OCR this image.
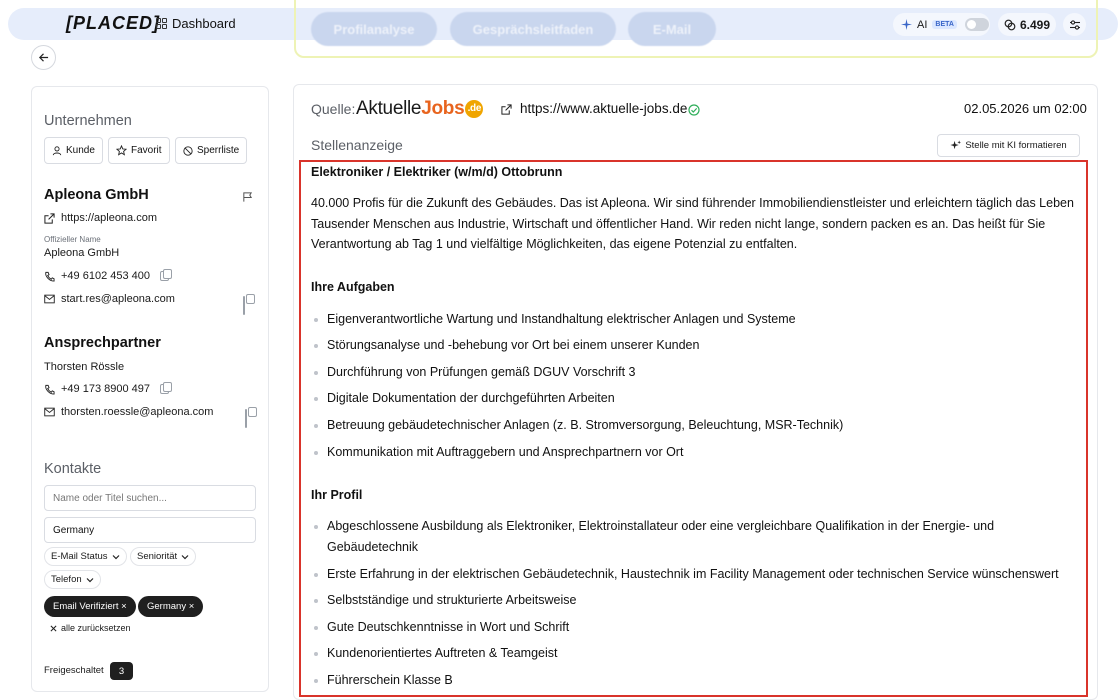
[PLACED] Dashboard	Profilanalyse	Gesprächsleitfaden	E-Mail	AI	BETA	6.499
Unternehmen
Kunde	Favorit	Sperrliste
Apleona GmbH
https://apleona.com
Offizieller Name
Apleona GmbH
+49 6102 453 400
start.res@apleona.com
Ansprechpartner
Thorsten Rössle
+49 173 8900 497
thorsten.roessle@apleona.com
Kontakte
Name oder Titel suchen...
Germany
E-Mail Status	Seniorität
Telefon
Email Verifiziert × Germany ×
alle zurücksetzen
Freigeschaltet	3
Quelle: AktuelleJobs .de	https://www.aktuelle-jobs.de	02.05.2026 um 02:00
Stellenanzeige	Stelle mit KI formatieren
Elektroniker / Elektriker (w/m/d) Ottobrunn
40.000 Profis für die Zukunft des Gebäudes. Das ist Apleona. Wir sind führender Immobiliendienstleister und erleichtern täglich das Leben Tausender Menschen aus Industrie, Wirtschaft und öffentlicher Hand. Wir reden nicht lange, sondern packen es an. Das heißt für Sie Verantwortung ab Tag 1 und vielfältige Möglichkeiten, das eigene Potenzial zu entfalten.
Ihre Aufgaben
Eigenverantwortliche Wartung und Instandhaltung elektrischer Anlagen und Systeme
Störungsanalyse und -behebung vor Ort bei einem unserer Kunden
Durchführung von Prüfungen gemäß DGUV Vorschrift 3
Digitale Dokumentation der durchgeführten Arbeiten
Betreuung gebäudetechnischer Anlagen (z. B. Stromversorgung, Beleuchtung, MSR-Technik)
Kommunikation mit Auftraggebern und Ansprechpartnern vor Ort
Ihr Profil
Abgeschlossene Ausbildung als Elektroniker, Elektroinstallateur oder eine vergleichbare Qualifikation in der Energie- und Gebäudetechnik
Erste Erfahrung in der elektrischen Gebäudetechnik, Haustechnik im Facility Management oder technischen Service wünschenswert
Selbstständige und strukturierte Arbeitsweise
Gute Deutschkenntnisse in Wort und Schrift
Kundenorientiertes Auftreten & Teamgeist
Führerschein Klasse B
